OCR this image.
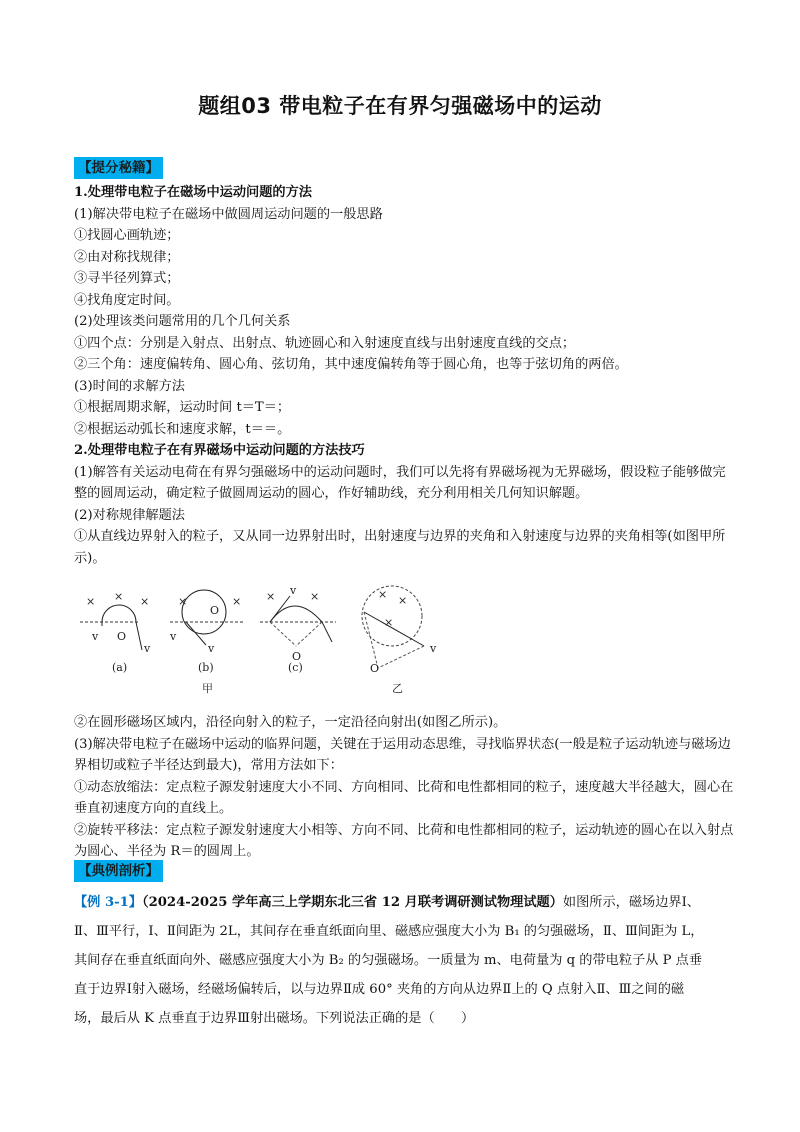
题组03 带电粒子在有界匀强磁场中的运动
【提分秘籍】
1.处理带电粒子在磁场中运动问题的方法
(1)解决带电粒子在磁场中做圆周运动问题的一般思路
①找圆心画轨迹；
②由对称找规律；
③寻半径列算式；
④找角度定时间。
(2)处理该类问题常用的几个几何关系
①四个点：分别是入射点、出射点、轨迹圆心和入射速度直线与出射速度直线的交点；
②三个角：速度偏转角、圆心角、弦切角，其中速度偏转角等于圆心角，也等于弦切角的两倍。
(3)时间的求解方法
①根据周期求解，运动时间 t＝T＝；
②根据运动弧长和速度求解，t＝＝。
2.处理带电粒子在有界磁场中运动问题的方法技巧
(1)解答有关运动电荷在有界匀强磁场中的运动问题时，我们可以先将有界磁场视为无界磁场，假设粒子能够做完整的圆周运动，确定粒子做圆周运动的圆心，作好辅助线，充分利用相关几何知识解题。
(2)对称规律解题法
①从直线边界射入的粒子，又从同一边界射出时，出射速度与边界的夹角和入射速度与边界的夹角相等(如图甲所示)。
× × ×
v O
v
(a)
×	×
O
v
v
(b)
甲
×	×
v
O
(c)
× ×
×
v
O
乙
②在圆形磁场区域内，沿径向射入的粒子，一定沿径向射出(如图乙所示)。
(3)解决带电粒子在磁场中运动的临界问题，关键在于运用动态思维，寻找临界状态(一般是粒子运动轨迹与磁场边界相切或粒子半径达到最大)，常用方法如下：
①动态放缩法：定点粒子源发射速度大小不同、方向相同、比荷和电性都相同的粒子，速度越大半径越大，圆心在垂直初速度方向的直线上。
②旋转平移法：定点粒子源发射速度大小相等、方向不同、比荷和电性都相同的粒子，运动轨迹的圆心在以入射点为圆心、半径为 R＝的圆周上。
【典例剖析】
【例 3-1】（2024-2025 学年高三上学期东北三省 12 月联考调研测试物理试题）如图所示，磁场边界Ⅰ、
Ⅱ、Ⅲ平行，Ⅰ、Ⅱ间距为 2L，其间存在垂直纸面向里、磁感应强度大小为 B₁ 的匀强磁场，Ⅱ、Ⅲ间距为 L，
其间存在垂直纸面向外、磁感应强度大小为 B₂ 的匀强磁场。一质量为 m、电荷量为 q 的带电粒子从 P 点垂
直于边界Ⅰ射入磁场，经磁场偏转后，以与边界Ⅱ成 60° 夹角的方向从边界Ⅱ上的 Q 点射入Ⅱ、Ⅲ之间的磁
场，最后从 K 点垂直于边界Ⅲ射出磁场。下列说法正确的是（　　）
